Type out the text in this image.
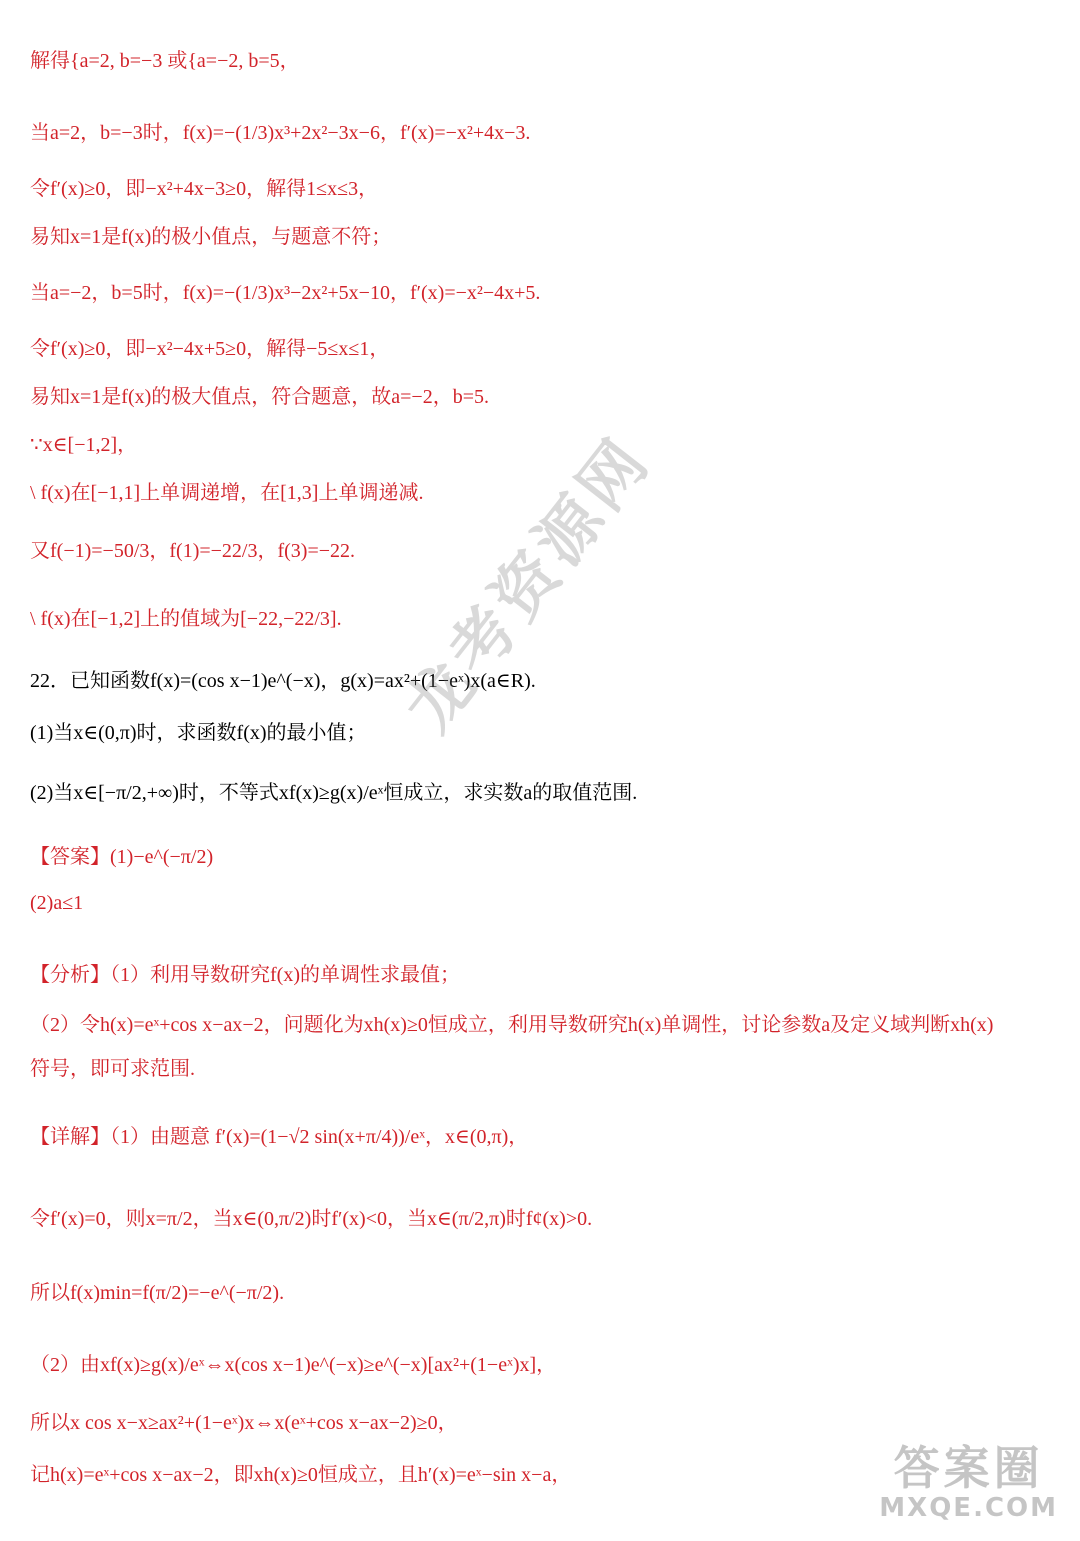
解得{a=2, b=−3 或{a=−2, b=5，
当a=2，b=−3时，f(x)=−(1/3)x³+2x²−3x−6，f′(x)=−x²+4x−3.
令f′(x)≥0，即−x²+4x−3≥0，解得1≤x≤3，
易知x=1是f(x)的极小值点，与题意不符；
当a=−2，b=5时，f(x)=−(1/3)x³−2x²+5x−10，f′(x)=−x²−4x+5.
令f′(x)≥0，即−x²−4x+5≥0，解得−5≤x≤1，
易知x=1是f(x)的极大值点，符合题意，故a=−2，b=5.
∵x∈[−1,2]，
\ f(x)在[−1,1]上单调递增，在[1,3]上单调递减.
又f(−1)=−50/3，f(1)=−22/3，f(3)=−22.
\ f(x)在[−1,2]上的值域为[−22,−22/3].
22．已知函数f(x)=(cos x−1)e^(−x)，g(x)=ax²+(1−eˣ)x(a∈R).
(1)当x∈(0,π)时，求函数f(x)的最小值；
(2)当x∈[−π/2,+∞)时，不等式xf(x)≥g(x)/eˣ恒成立，求实数a的取值范围.
【答案】(1)−e^(−π/2)
(2)a≤1
【分析】（1）利用导数研究f(x)的单调性求最值；
（2）令h(x)=eˣ+cos x−ax−2，问题化为xh(x)≥0恒成立，利用导数研究h(x)单调性，讨论参数a及定义域判断xh(x)
符号，即可求范围.
【详解】（1）由题意 f′(x)=(1−√2 sin(x+π/4))/eˣ，x∈(0,π)，
令f′(x)=0，则x=π/2，当x∈(0,π/2)时f′(x)<0，当x∈(π/2,π)时f¢(x)>0.
所以f(x)min=f(π/2)=−e^(−π/2).
（2）由xf(x)≥g(x)/eˣ⇔x(cos x−1)e^(−x)≥e^(−x)[ax²+(1−eˣ)x]，
所以x cos x−x≥ax²+(1−eˣ)x⇔x(eˣ+cos x−ax−2)≥0，
记h(x)=eˣ+cos x−ax−2，即xh(x)≥0恒成立，且h′(x)=eˣ−sin x−a，
龙考资源网
答案圈
MXQE.COM
